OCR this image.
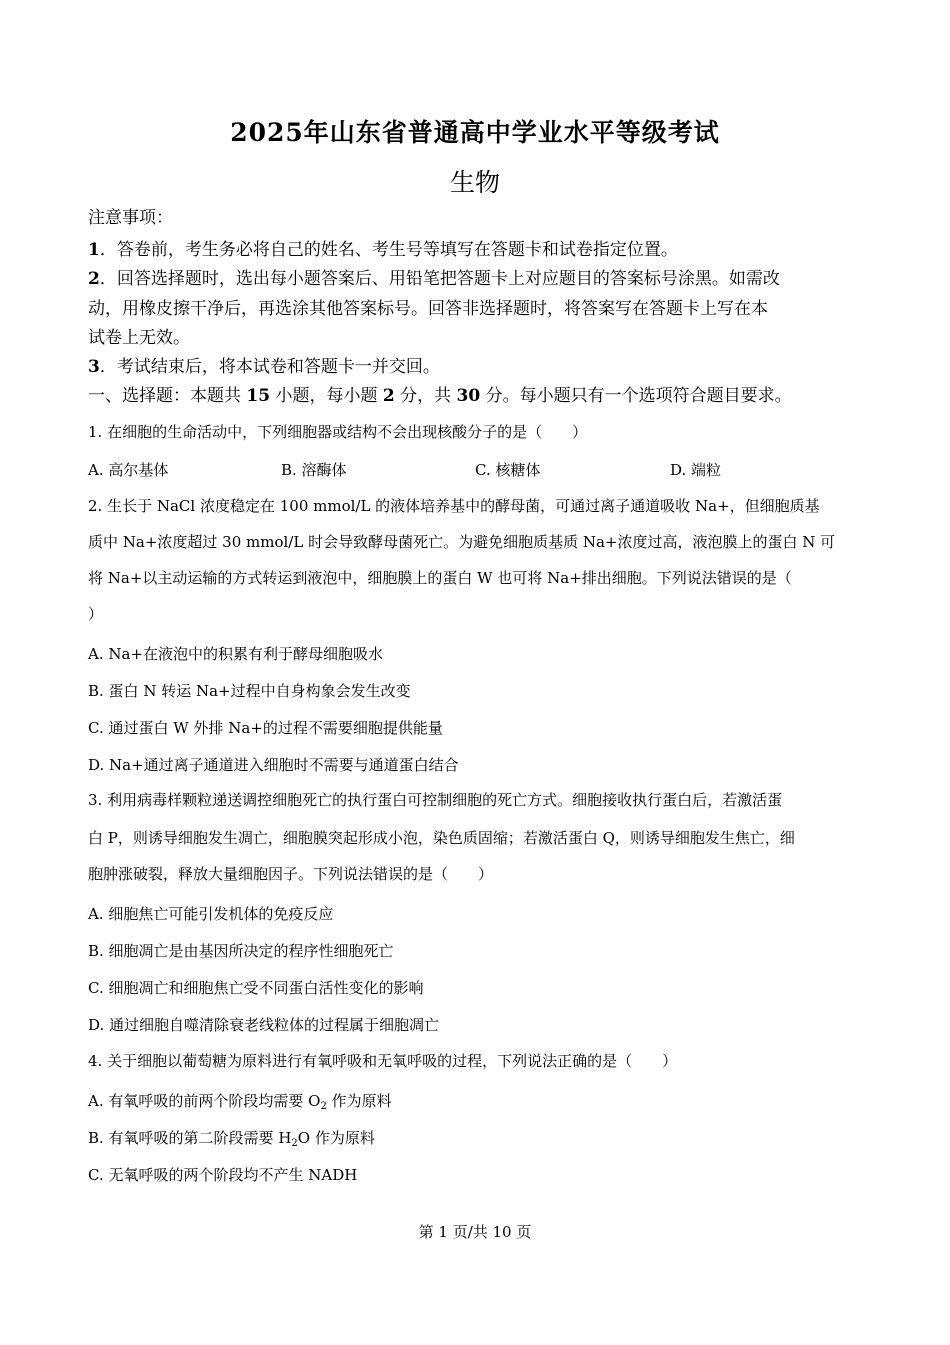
2025年山东省普通高中学业水平等级考试
生物
注意事项：
1．答卷前，考生务必将自己的姓名、考生号等填写在答题卡和试卷指定位置。
2．回答选择题时，选出每小题答案后、用铅笔把答题卡上对应题目的答案标号涂黑。如需改
动，用橡皮擦干净后，再选涂其他答案标号。回答非选择题时，将答案写在答题卡上写在本
试卷上无效。
3．考试结束后，将本试卷和答题卡一并交回。
一、选择题：本题共 15 小题，每小题 2 分，共 30 分。每小题只有一个选项符合题目要求。
1. 在细胞的生命活动中，下列细胞器或结构不会出现核酸分子的是（　　）
A. 高尔基体	B. 溶酶体	C. 核糖体	D. 端粒
2. 生长于 NaCl 浓度稳定在 100 mmol/L 的液体培养基中的酵母菌，可通过离子通道吸收 Na+，但细胞质基
质中 Na+浓度超过 30 mmol/L 时会导致酵母菌死亡。为避免细胞质基质 Na+浓度过高，液泡膜上的蛋白 N 可
将 Na+以主动运输的方式转运到液泡中，细胞膜上的蛋白 W 也可将 Na+排出细胞。下列说法错误的是（
）
A. Na+在液泡中的积累有利于酵母细胞吸水
B. 蛋白 N 转运 Na+过程中自身构象会发生改变
C. 通过蛋白 W 外排 Na+的过程不需要细胞提供能量
D. Na+通过离子通道进入细胞时不需要与通道蛋白结合
3. 利用病毒样颗粒递送调控细胞死亡的执行蛋白可控制细胞的死亡方式。细胞接收执行蛋白后，若激活蛋
白 P，则诱导细胞发生凋亡，细胞膜突起形成小泡，染色质固缩；若激活蛋白 Q，则诱导细胞发生焦亡，细
胞肿涨破裂，释放大量细胞因子。下列说法错误的是（　　）
A. 细胞焦亡可能引发机体的免疫反应
B. 细胞凋亡是由基因所决定的程序性细胞死亡
C. 细胞凋亡和细胞焦亡受不同蛋白活性变化的影响
D. 通过细胞自噬清除衰老线粒体的过程属于细胞凋亡
4. 关于细胞以葡萄糖为原料进行有氧呼吸和无氧呼吸的过程，下列说法正确的是（　　）
A. 有氧呼吸的前两个阶段均需要 $O_2$ 作为原料
B. 有氧呼吸的第二阶段需要 $H_2O$ 作为原料
C. 无氧呼吸的两个阶段均不产生 NADH
第 1 页/共 10 页
